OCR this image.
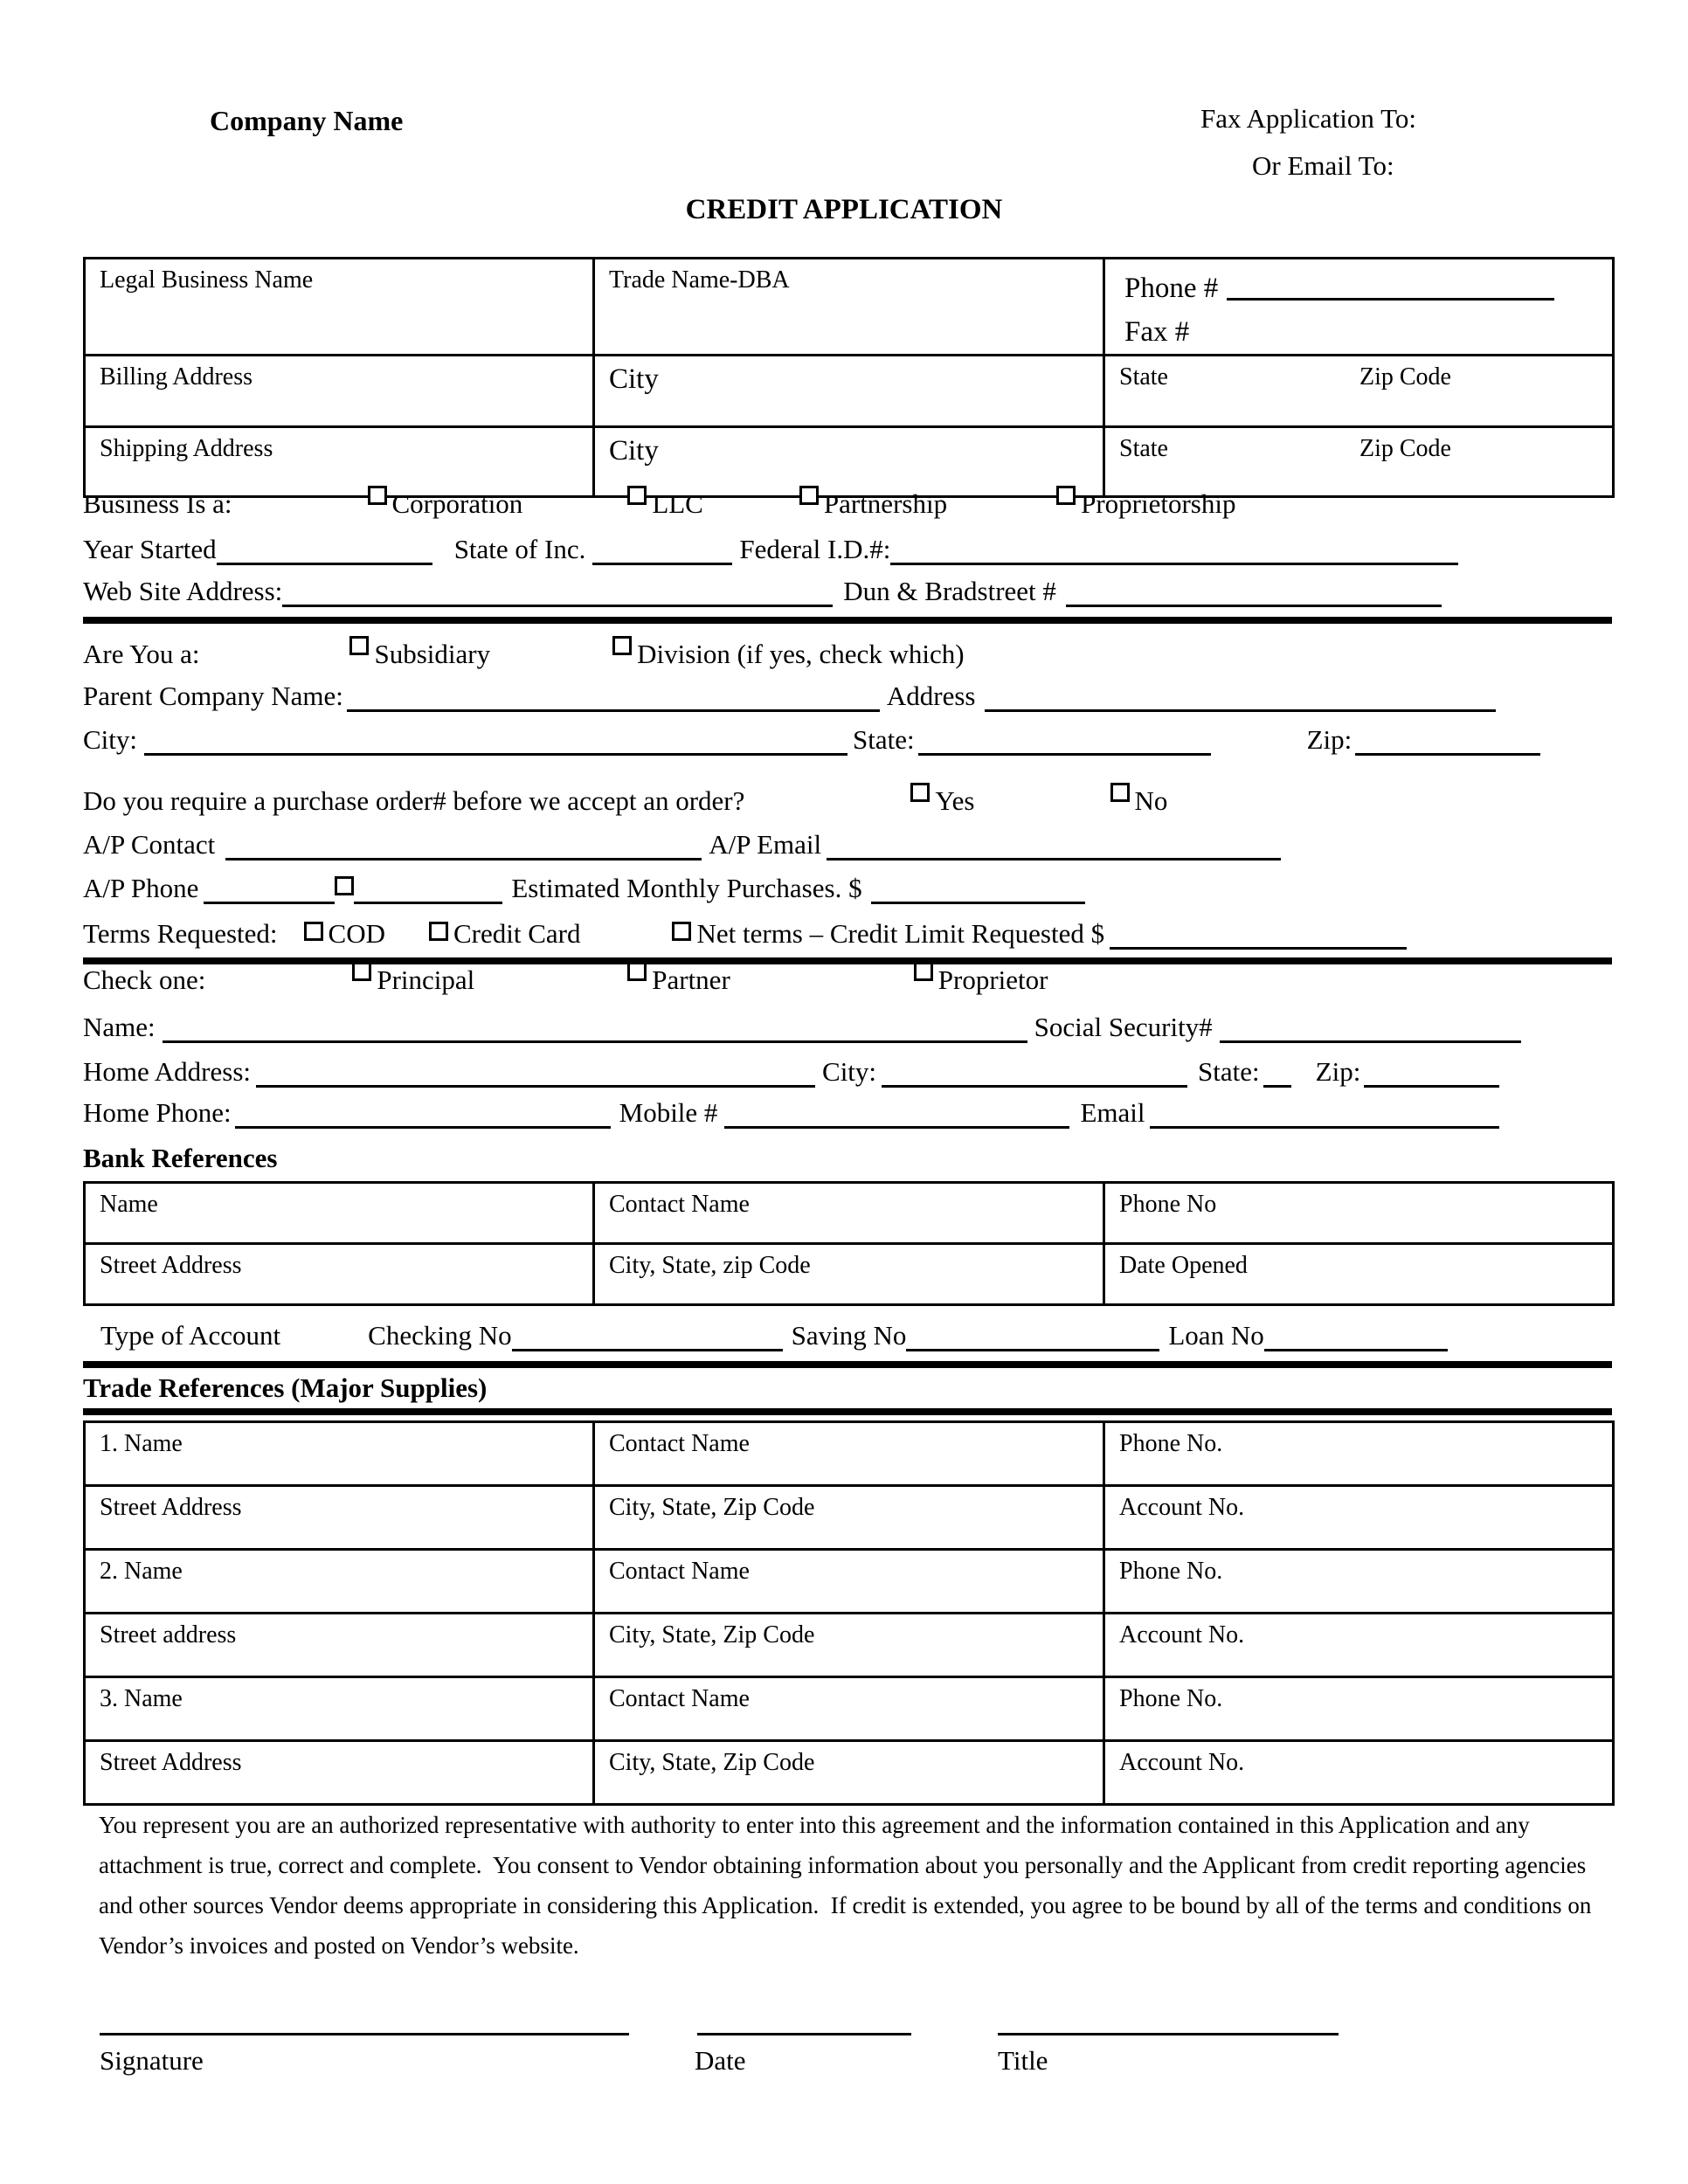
Company Name	Fax Application To:
Or Email To:
CREDIT APPLICATION
Legal Business Name	Trade Name-DBA	Phone #
Fax #

Billing Address	City	State Zip Code
Shipping Address	City	State Zip Code
Business Is a:	Corporation	LLC	Partnership	Proprietorship
Year Started	State of Inc.	Federal I.D.#:
Web Site Address:	Dun & Bradstreet #
Are You a:	Subsidiary	Division (if yes, check which)
Parent Company Name:	Address
City:	State:	Zip:
Do you require a purchase order# before we accept an order?	Yes	No
A/P Contact	A/P Email
A/P Phone	Estimated Monthly Purchases. $
Terms Requested:	COD	Credit Card	Net terms – Credit Limit Requested $
Check one:	Principal	Partner	Proprietor
Name:	Social Security#
Home Address:	City:	State: Zip:
Home Phone:	Mobile #	Email
Bank References
Name	Contact Name	Phone No
Street Address	City, State, zip Code	Date Opened
Type of Account	Checking No	Saving No	Loan No
Trade References (Major Supplies)
1. Name	Contact Name	Phone No.
Street Address	City, State, Zip Code	Account No.
2. Name	Contact Name	Phone No.
Street address	City, State, Zip Code	Account No.
3. Name	Contact Name	Phone No.
Street Address	City, State, Zip Code	Account No.
You represent you are an authorized representative with authority to enter into this agreement and the information contained in this Application and any attachment is true, correct and complete.  You consent to Vendor obtaining information about you personally and the Applicant from credit reporting agencies and other sources Vendor deems appropriate in considering this Application.  If credit is extended, you agree to be bound by all of the terms and conditions on Vendor’s invoices and posted on Vendor’s website.
Signature	Date	Title
